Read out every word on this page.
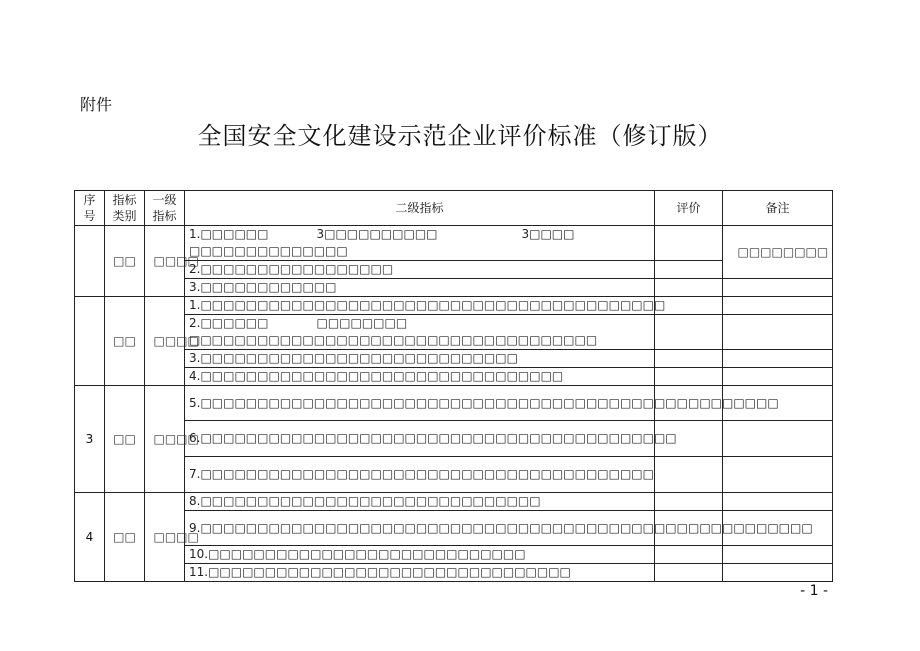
附件
全国安全文化建设示范企业评价标准（修订版）
序号	指标类别	一级指标	二级指标	评价	备注
	□□	□□□□	1.□□□□□□　　　　3□□□□□□□□□□　　　　　　　3□□□□　　□□□□□□□□□□□□□□		□□□□□□□□

			2.□□□□□□□□□□□□□□□□□		
			3.□□□□□□□□□□□□		
	□□	□□□□	1.□□□□□□□□□□□□□□□□□□□□□□□□□□□□□□□□□□□□□□□□□		
			2.□□□□□□　　　　□□□□□□□□　　　　　　□□□□□□□□□□□□□□□□□□□□□□□□□□□□□□□□□□□□		
			3.□□□□□□□□□□□□□□□□□□□□□□□□□□□□		
			4.□□□□□□□□□□□□□□□□□□□□□□□□□□□□□□□□		
3	□□	□□□□	5.□□□□□□□□□□□□□□□□□□□□□□□□□□□□□□□□□□□□□□□□□□□□□□□□□□□		
			6.□□□□□□□□□□□□□□□□□□□□□□□□□□□□□□□□□□□□□□□□□□		
			7.□□□□□□□□□□□□□□□□□□□□□□□□□□□□□□□□□□□□□□□□		
4	□□	□□□□	8.□□□□□□□□□□□□□□□□□□□□□□□□□□□□□□		
			9.□□□□□□□□□□□□□□□□□□□□□□□□□□□□□□□□□□□□□□□□□□□□□□□□□□□□□□		
			10.□□□□□□□□□□□□□□□□□□□□□□□□□□□□		
			11.□□□□□□□□□□□□□□□□□□□□□□□□□□□□□□□□		
- 1 -
